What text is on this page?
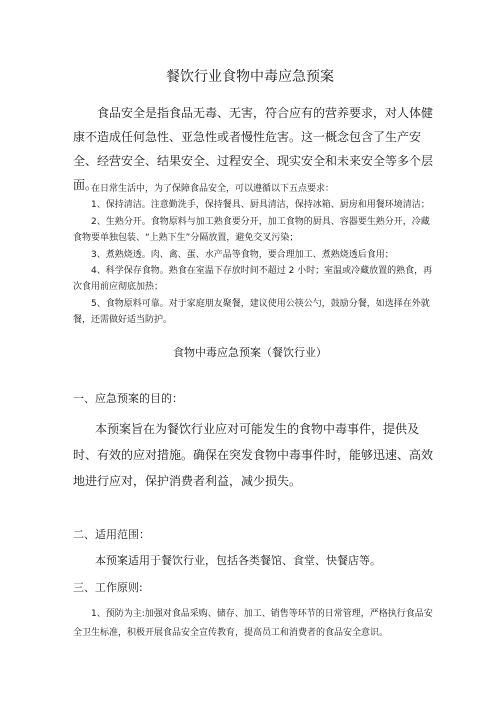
餐饮行业食物中毒应急预案

食品安全是指食品无毒、无害，符合应有的营养要求，对人体健康不造成任何急性、亚急性或者慢性危害。这一概念包含了生产安全、经营安全、结果安全、过程安全、现实安全和未来安全等多个层面。

在日常生活中，为了保障食品安全，可以遵循以下五点要求：

1、保持清洁。注意勤洗手，保持餐具、厨具清洁，保持冰箱、厨房和用餐环境清洁；

2、生熟分开。食物原料与加工熟食要分开，加工食物的厨具、容器要生熟分开，冷藏食物要单独包装、“上熟下生”分隔放置，避免交叉污染；

3、煮熟烧透。肉、禽、蛋、水产品等食物，要合理加工、煮熟烧透后食用；

4、科学保存食物。熟食在室温下存放时间不超过 2 小时；室温或冷藏放置的熟食，再次食用前应彻底加热；

5、食物原料可靠。对于家庭朋友聚餐，建议使用公筷公勺，鼓励分餐，如选择在外就餐，还需做好适当防护。

食物中毒应急预案（餐饮行业）

一、应急预案的目的：

本预案旨在为餐饮行业应对可能发生的食物中毒事件，提供及时、有效的应对措施。确保在突发食物中毒事件时，能够迅速、高效地进行应对，保护消费者利益，减少损失。

二、适用范围：

本预案适用于餐饮行业，包括各类餐馆、食堂、快餐店等。

三、工作原则:

1、预防为主:加强对食品采购、储存、加工、销售等环节的日常管理，严格执行食品安全卫生标准，积极开展食品安全宣传教育，提高员工和消费者的食品安全意识。
